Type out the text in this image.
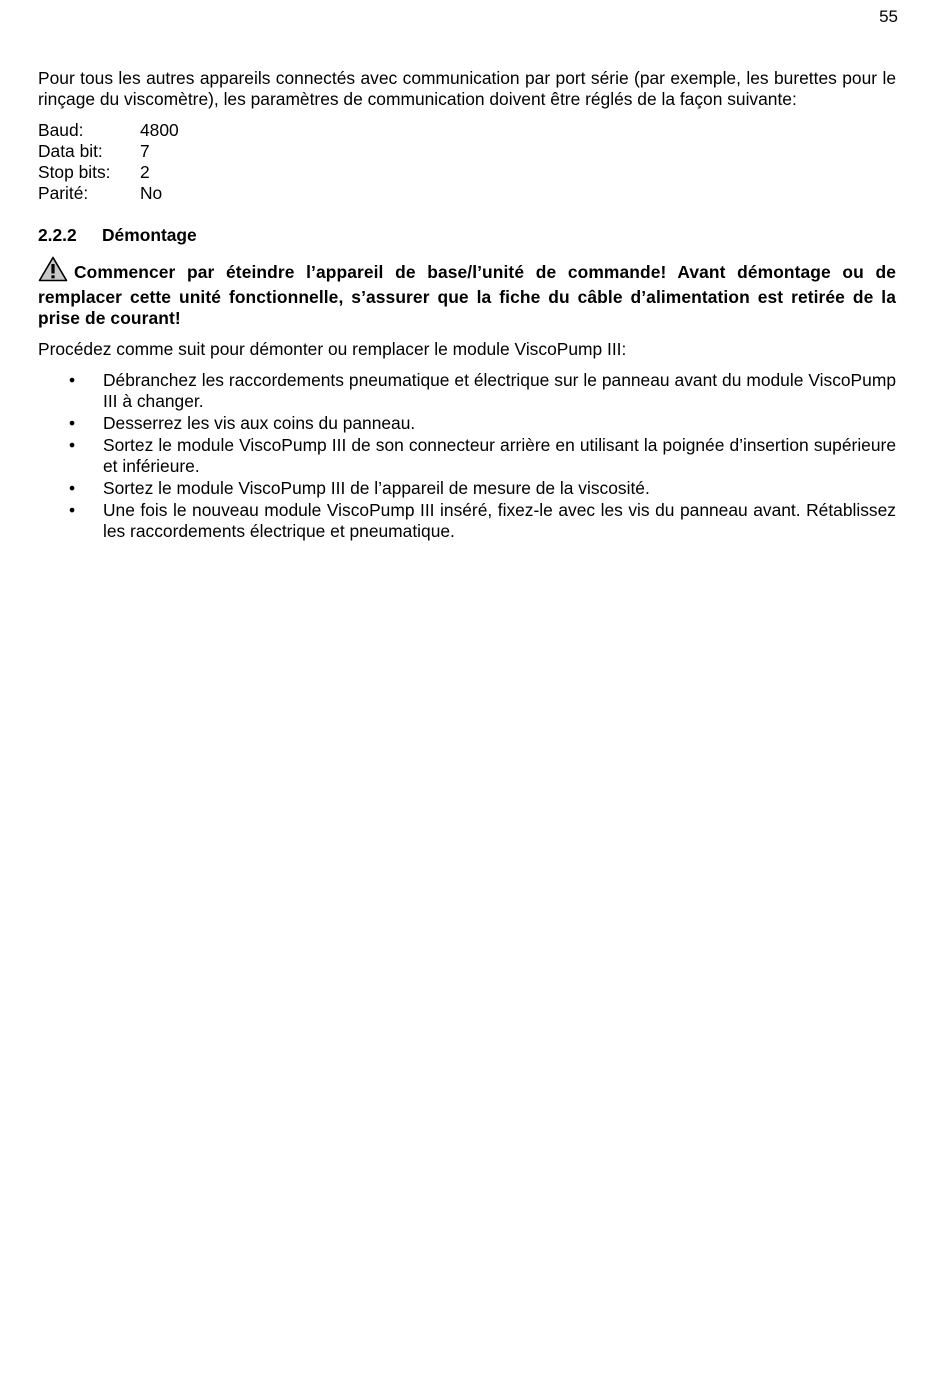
55

Pour tous les autres appareils connectés avec communication par port série (par exemple, les burettes pour le rinçage du viscomètre), les paramètres de communication doivent être réglés de la façon suivante:

Baud:	4800
Data bit:	7
Stop bits:	2
Parité:	No
2.2.2	Démontage

Commencer par éteindre l’appareil de base/l’unité de commande! Avant démontage ou de remplacer cette unité fonctionnelle, s’assurer que la fiche du câble d’alimentation est retirée de la prise de courant!

Procédez comme suit pour démonter ou remplacer le module ViscoPump III:

• Débranchez les raccordements pneumatique et électrique sur le panneau avant du module ViscoPump III à changer.
• Desserrez les vis aux coins du panneau.
• Sortez le module ViscoPump III de son connecteur arrière en utilisant la poignée d’insertion supérieure et inférieure.
• Sortez le module ViscoPump III de l’appareil de mesure de la viscosité.
• Une fois le nouveau module ViscoPump III inséré, fixez-le avec les vis du panneau avant. Rétablissez les raccordements électrique et pneumatique.
